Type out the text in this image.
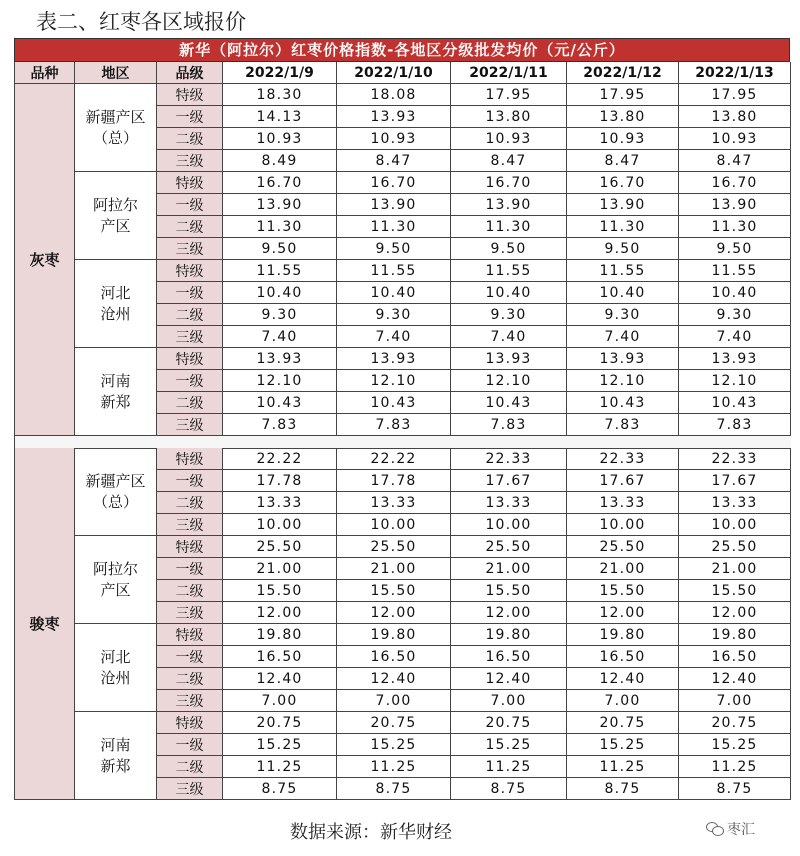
表二、红枣各区域报价
新华（阿拉尔）红枣价格指数-各地区分级批发均价（元/公斤）
品种	地区	品级	2022/1/9	2022/1/10	2022/1/11	2022/1/12	2022/1/13
灰枣
新疆产区
（总）
特级	18.30	18.08	17.95	17.95	17.95
一级	14.13	13.93	13.80	13.80	13.80
二级	10.93	10.93	10.93	10.93	10.93
三级	8.49	8.47	8.47	8.47	8.47
阿拉尔
产区
特级	16.70	16.70	16.70	16.70	16.70
一级	13.90	13.90	13.90	13.90	13.90
二级	11.30	11.30	11.30	11.30	11.30
三级	9.50	9.50	9.50	9.50	9.50
河北
沧州
特级	11.55	11.55	11.55	11.55	11.55
一级	10.40	10.40	10.40	10.40	10.40
二级	9.30	9.30	9.30	9.30	9.30
三级	7.40	7.40	7.40	7.40	7.40
河南
新郑
特级	13.93	13.93	13.93	13.93	13.93
一级	12.10	12.10	12.10	12.10	12.10
二级	10.43	10.43	10.43	10.43	10.43
三级	7.83	7.83	7.83	7.83	7.83
骏枣
新疆产区
（总）
特级	22.22	22.22	22.33	22.33	22.33
一级	17.78	17.78	17.67	17.67	17.67
二级	13.33	13.33	13.33	13.33	13.33
三级	10.00	10.00	10.00	10.00	10.00
阿拉尔
产区
特级	25.50	25.50	25.50	25.50	25.50
一级	21.00	21.00	21.00	21.00	21.00
二级	15.50	15.50	15.50	15.50	15.50
三级	12.00	12.00	12.00	12.00	12.00
河北
沧州
特级	19.80	19.80	19.80	19.80	19.80
一级	16.50	16.50	16.50	16.50	16.50
二级	12.40	12.40	12.40	12.40	12.40
三级	7.00	7.00	7.00	7.00	7.00
河南
新郑
特级	20.75	20.75	20.75	20.75	20.75
一级	15.25	15.25	15.25	15.25	15.25
二级	11.25	11.25	11.25	11.25	11.25
三级	8.75	8.75	8.75	8.75	8.75
数据来源：新华财经	枣汇
